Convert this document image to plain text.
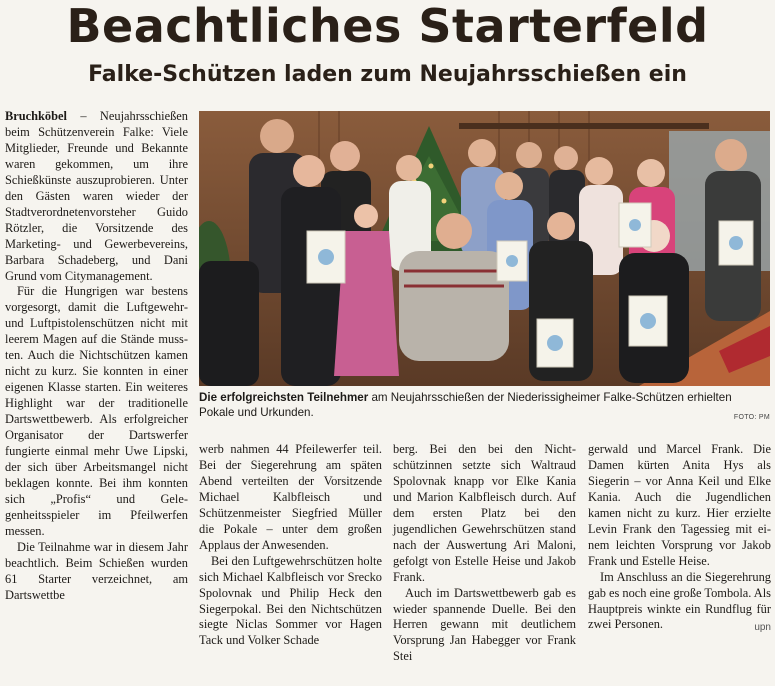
Beachtliches Starterfeld
Falke-Schützen laden zum Neujahrsschießen ein

Bruchköbel – Neujahrsschießen beim Schützenverein Falke: Viele Mitglieder, Freunde und Bekannte waren gekommen, um ihre Schießkünste auszuprobieren. Unter den Gästen waren wieder der Stadtverordnetenvorsteher Guido Rötzler, die Vorsitzende des Marketing- und Gewerbevereins, Barbara Schadeberg, und Dani Grund vom Citymanagement.

Für die Hungrigen war bestens vorgesorgt, damit die Luftgewehr- und Luftpistolenschützen nicht mit leerem Magen auf die Stände mussten. Auch die Nichtschützen kamen nicht zu kurz. Sie konnten in einer eigenen Klasse starten. Ein weiteres Highlight war der traditionelle Dartswettbewerb. Als erfolgreicher Organisator der Dartswerfer fungierte einmal mehr Uwe Lipski, der sich über Arbeitsmangel nicht beklagen konnte. Bei ihm konnten sich „Profis“ und Gelegenheitsspieler im Pfeilwerfen messen.

Die Teilnahme war in diesem Jahr beachtlich. Beim Schießen wurden 61 Starter verzeichnet, am Dartswettbe

Die erfolgreichsten Teilnehmer am Neujahrsschießen der Niederissigheimer Falke-Schützen erhielten Pokale und Urkunden.	FOTO: PM

werb nahmen 44 Pfeilewerfer teil. Bei der Siegerehrung am späten Abend verteilten der Vorsitzende Michael Kalbfleisch und Schützenmeister Siegfried Müller die Pokale – unter dem großen Applaus der Anwesenden.

Bei den Luftgewehrschützen holte sich Michael Kalbfleisch vor Srecko Spolovnak und Philip Heck den Siegerpokal. Bei den Nichtschützen siegte Niclas Sommer vor Hagen Tack und Volker Schade

berg. Bei den bei den Nichtschützinnen setzte sich Waltraud Spolovnak knapp vor Elke Kania und Marion Kalbfleisch durch. Auf dem ersten Platz bei den jugendlichen Gewehrschützen stand nach der Auswertung Ari Maloni, gefolgt von Estelle Heise und Jakob Frank.

Auch im Dartswettbewerb gab es wieder spannende Duelle. Bei den Herren gewann mit deutlichem Vorsprung Jan Habegger vor Frank Stei

gerwald und Marcel Frank. Die Damen kürten Anita Hys als Siegerin – vor Anna Keil und Elke Kania. Auch die Jugendlichen kamen nicht zu kurz. Hier erzielte Levin Frank den Tagessieg mit einem leichten Vorsprung vor Jakob Frank und Estelle Heise.

Im Anschluss an die Siegerehrung gab es noch eine große Tombola. Als Hauptpreis winkte ein Rundflug für zwei Personen.	upn
